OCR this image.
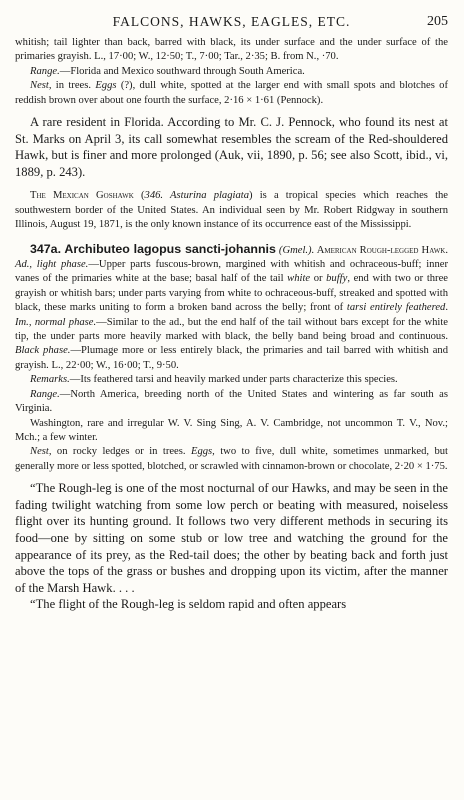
FALCONS, HAWKS, EAGLES, ETC.	205

whitish; tail lighter than back, barred with black, its under surface and the under surface of the primaries grayish. L., 17·00; W., 12·50; T., 7·00; Tar., 2·35; B. from N., ·70.

Range.—Florida and Mexico southward through South America.

Nest, in trees. Eggs (?), dull white, spotted at the larger end with small spots and blotches of reddish brown over about one fourth the surface, 2·16 × 1·61 (Pennock).

A rare resident in Florida. According to Mr. C. J. Pennock, who found its nest at St. Marks on April 3, its call somewhat resembles the scream of the Red-shouldered Hawk, but is finer and more prolonged (Auk, vii, 1890, p. 56; see also Scott, ibid., vi, 1889, p. 243).

The Mexican Goshawk (346. Asturina plagiata) is a tropical species which reaches the southwestern border of the United States. An individual seen by Mr. Robert Ridgway in southern Illinois, August 19, 1871, is the only known instance of its occurrence east of the Mississippi.

347a. Archibuteo lagopus sancti-johannis (Gmel.). American Rough-legged Hawk. Ad., light phase.—Upper parts fuscous-brown, margined with whitish and ochraceous-buff; inner vanes of the primaries white at the base; basal half of the tail white or buffy, end with two or three grayish or whitish bars; under parts varying from white to ochraceous-buff, streaked and spotted with black, these marks uniting to form a broken band across the belly; front of tarsi entirely feathered. Im., normal phase.—Similar to the ad., but the end half of the tail without bars except for the white tip, the under parts more heavily marked with black, the belly band being broad and continuous. Black phase.—Plumage more or less entirely black, the primaries and tail barred with whitish and grayish. L., 22·00; W., 16·00; T., 9·50.

Remarks.—Its feathered tarsi and heavily marked under parts characterize this species.

Range.—North America, breeding north of the United States and wintering as far south as Virginia.

Washington, rare and irregular W. V. Sing Sing, A. V. Cambridge, not uncommon T. V., Nov.; Mch.; a few winter.

Nest, on rocky ledges or in trees. Eggs, two to five, dull white, sometimes unmarked, but generally more or less spotted, blotched, or scrawled with cinnamon-brown or chocolate, 2·20 × 1·75.

“The Rough-leg is one of the most nocturnal of our Hawks, and may be seen in the fading twilight watching from some low perch or beating with measured, noiseless flight over its hunting ground. It follows two very different methods in securing its food—one by sitting on some stub or low tree and watching the ground for the appearance of its prey, as the Red-tail does; the other by beating back and forth just above the tops of the grass or bushes and dropping upon its victim, after the manner of the Marsh Hawk. . . .

“The flight of the Rough-leg is seldom rapid and often appears
